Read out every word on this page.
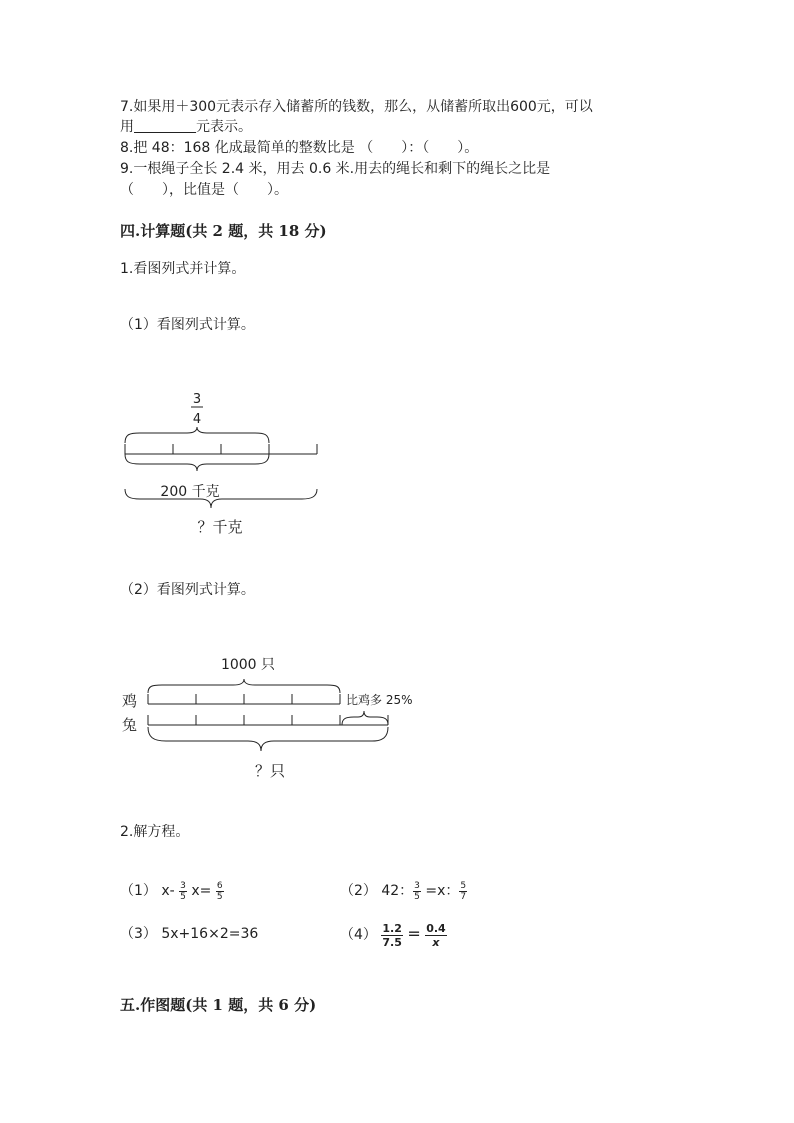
7.如果用＋300元表示存入储蓄所的钱数，那么，从储蓄所取出600元，可以
用	元表示。
8.把 48：168 化成最简单的整数比是 （　　）：（　　）。
9.一根绳子全长 2.4 米，用去 0.6 米.用去的绳长和剩下的绳长之比是
（　　），比值是（　　）。
四.计算题(共 2 题，共 18 分)
1.看图列式并计算。
（1）看图列式计算。
3
4
200 千克
？千克
（2）看图列式计算。
1000 只
鸡	比鸡多 25%
兔
？只
2.解方程。
（1） $x- \frac{3}{5} x= \frac{6}{5}$	（2） 42： $\frac{3}{5} =x$： $\frac{5}{7}$
（3） 5x+16×2=36	$(4) \frac{1.2}{7.5} = \frac{0.4}{x}$
五.作图题(共 1 题，共 6 分)
